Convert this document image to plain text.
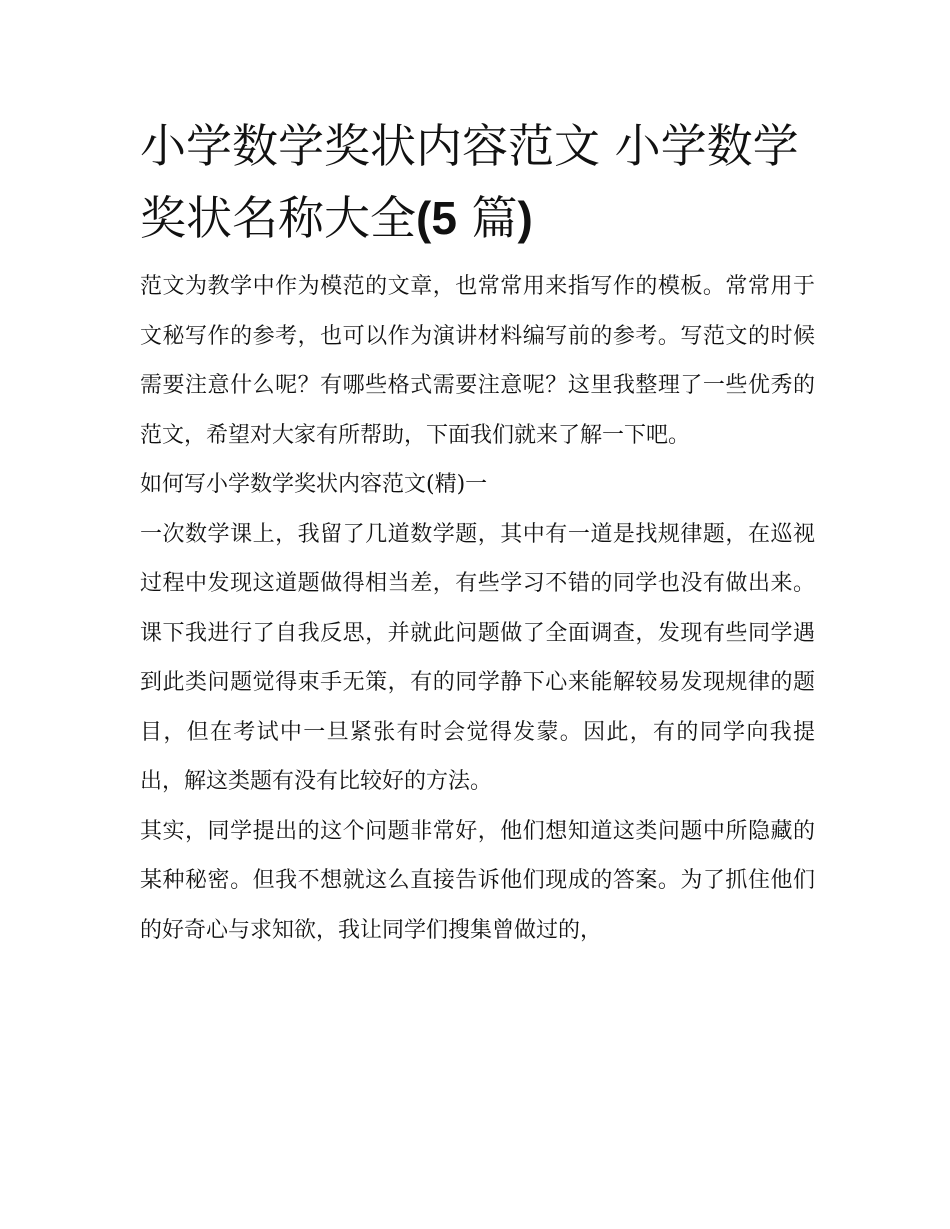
小学数学奖状内容范文 小学数学奖状名称大全(5 篇)

范文为教学中作为模范的文章，也常常用来指写作的模板。常常用于文秘写作的参考，也可以作为演讲材料编写前的参考。写范文的时候需要注意什么呢？有哪些格式需要注意呢？这里我整理了一些优秀的范文，希望对大家有所帮助，下面我们就来了解一下吧。

如何写小学数学奖状内容范文(精)一

一次数学课上，我留了几道数学题，其中有一道是找规律题，在巡视过程中发现这道题做得相当差，有些学习不错的同学也没有做出来。课下我进行了自我反思，并就此问题做了全面调查，发现有些同学遇到此类问题觉得束手无策，有的同学静下心来能解较易发现规律的题目，但在考试中一旦紧张有时会觉得发蒙。因此，有的同学向我提出，解这类题有没有比较好的方法。

其实，同学提出的这个问题非常好，他们想知道这类问题中所隐藏的某种秘密。但我不想就这么直接告诉他们现成的答案。为了抓住他们的好奇心与求知欲，我让同学们搜集曾做过的，
